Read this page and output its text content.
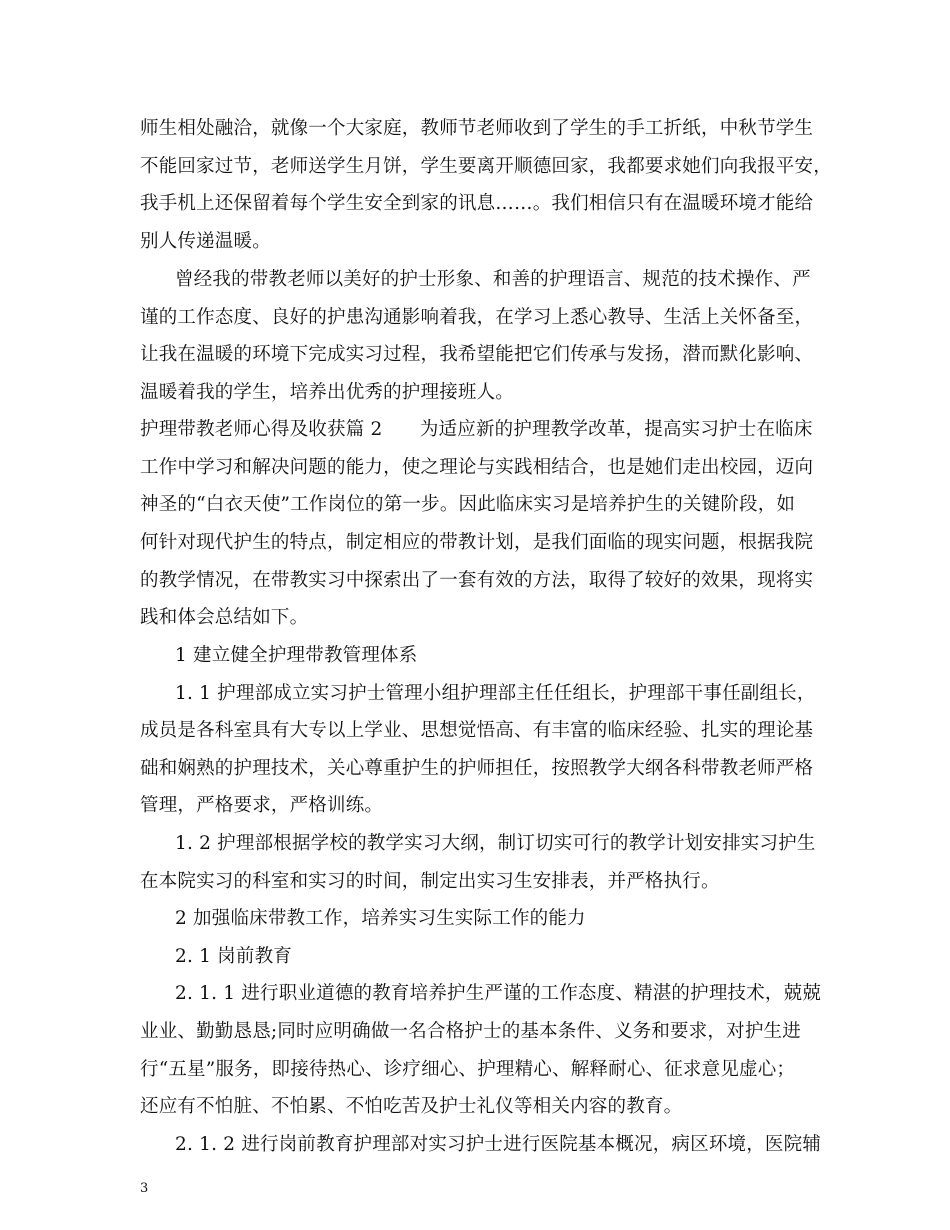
师生相处融洽，就像一个大家庭，教师节老师收到了学生的手工折纸，中秋节学生
不能回家过节，老师送学生月饼，学生要离开顺德回家，我都要求她们向我报平安，
我手机上还保留着每个学生安全到家的讯息……。我们相信只有在温暖环境才能给
别人传递温暖。
曾经我的带教老师以美好的护士形象、和善的护理语言、规范的技术操作、严
谨的工作态度、良好的护患沟通影响着我，在学习上悉心教导、生活上关怀备至，
让我在温暖的环境下完成实习过程，我希望能把它们传承与发扬，潜而默化影响、
温暖着我的学生，培养出优秀的护理接班人。
护理带教老师心得及收获篇 2　　为适应新的护理教学改革，提高实习护士在临床
工作中学习和解决问题的能力，使之理论与实践相结合，也是她们走出校园，迈向
神圣的“白衣天使”工作岗位的第一步。因此临床实习是培养护生的关键阶段，如
何针对现代护生的特点，制定相应的带教计划，是我们面临的现实问题，根据我院
的教学情况，在带教实习中探索出了一套有效的方法，取得了较好的效果，现将实
践和体会总结如下。
1 建立健全护理带教管理体系
1. 1 护理部成立实习护士管理小组护理部主任任组长，护理部干事任副组长，
成员是各科室具有大专以上学业、思想觉悟高、有丰富的临床经验、扎实的理论基
础和娴熟的护理技术，关心尊重护生的护师担任，按照教学大纲各科带教老师严格
管理，严格要求，严格训练。
1. 2 护理部根据学校的教学实习大纲，制订切实可行的教学计划安排实习护生
在本院实习的科室和实习的时间，制定出实习生安排表，并严格执行。
2 加强临床带教工作，培养实习生实际工作的能力
2. 1 岗前教育
2. 1. 1 进行职业道德的教育培养护生严谨的工作态度、精湛的护理技术，兢兢
业业、勤勤恳恳;同时应明确做一名合格护士的基本条件、义务和要求，对护生进
行“五星”服务，即接待热心、诊疗细心、护理精心、解释耐心、征求意见虚心；
还应有不怕脏、不怕累、不怕吃苦及护士礼仪等相关内容的教育。
3
2. 1. 2 进行岗前教育护理部对实习护士进行医院基本概况，病区环境，医院辅
